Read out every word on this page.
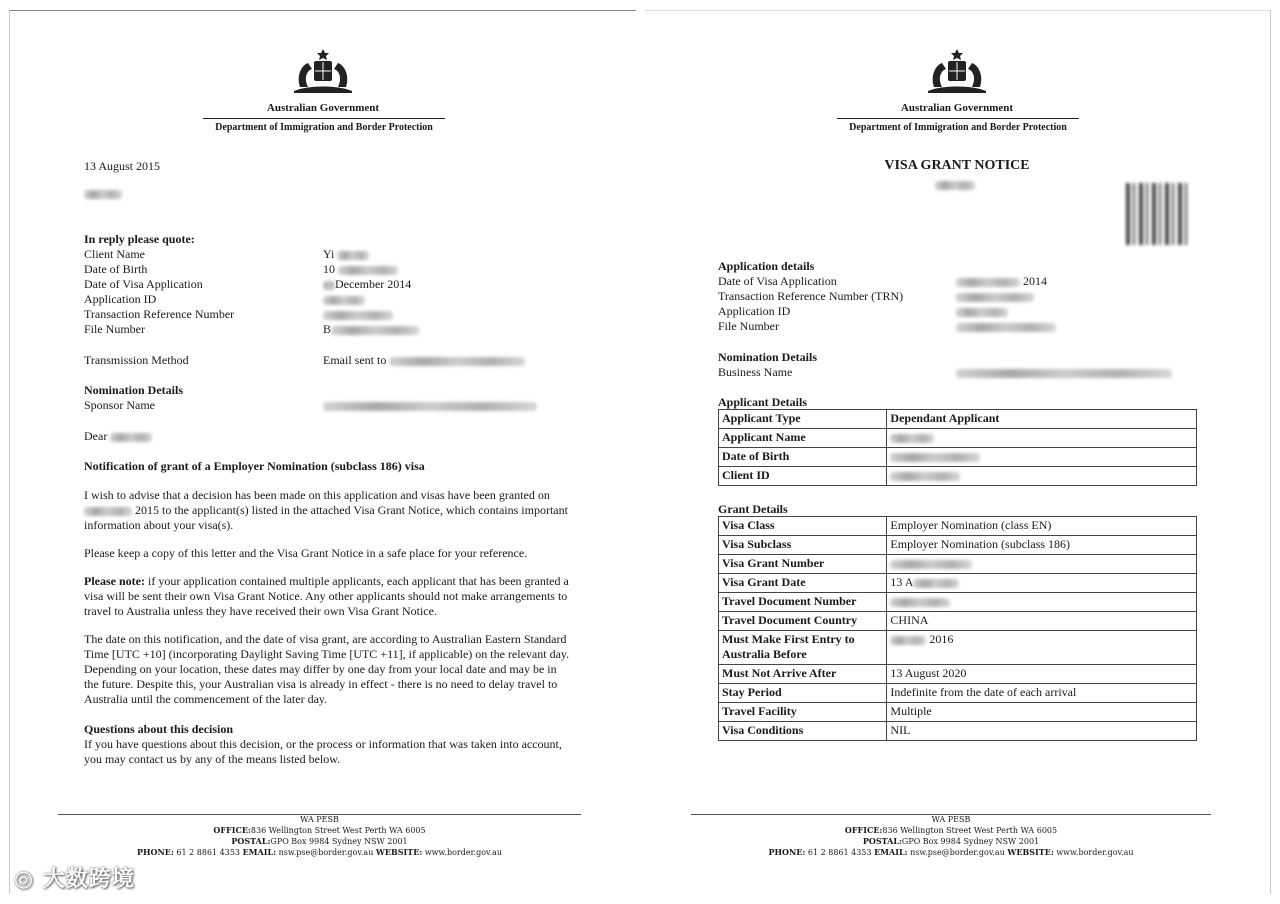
Australian Government
Department of Immigration and Border Protection
13 August 2015
In reply please quote:
Client Name	Yi
Date of Birth	10
Date of Visa Application	December 2014
Application ID
Transaction Reference Number
File Number	B
Transmission Method	Email sent to
Nomination Details
Sponsor Name
Dear
Notification of grant of a Employer Nomination (subclass 186) visa
I wish to advise that a decision has been made on this application and visas have been granted on  2015 to the applicant(s) listed in the attached Visa Grant Notice, which contains important information about your visa(s).
Please keep a copy of this letter and the Visa Grant Notice in a safe place for your reference.
Please note: if your application contained multiple applicants, each applicant that has been granted a visa will be sent their own Visa Grant Notice. Any other applicants should not make arrangements to travel to Australia unless they have received their own Visa Grant Notice.
The date on this notification, and the date of visa grant, are according to Australian Eastern Standard Time [UTC +10] (incorporating Daylight Saving Time [UTC +11], if applicable) on the relevant day. Depending on your location, these dates may differ by one day from your local date and may be in the future. Despite this, your Australian visa is already in effect - there is no need to delay travel to Australia until the commencement of the later day.
Questions about this decision
If you have questions about this decision, or the process or information that was taken into account, you may contact us by any of the means listed below.
WA PESB
OFFICE:836 Wellington Street West Perth WA 6005
POSTAL:GPO Box 9984 Sydney NSW 2001
PHONE: 61 2 8861 4353 EMAIL: nsw.pse@border.gov.au WEBSITE: www.border.gov.au
Australian Government
Department of Immigration and Border Protection
VISA GRANT NOTICE
Application details
Date of Visa Application	2014
Transaction Reference Number (TRN)
Application ID
File Number
Nomination Details
Business Name
Applicant Details
Applicant Type	Dependant Applicant
Applicant Name	
Date of Birth	
Client ID	
Grant Details
Visa Class	Employer Nomination (class EN)
Visa Subclass	Employer Nomination (subclass 186)
Visa Grant Number	
Visa Grant Date	13 A
Travel Document Number	
Travel Document Country	CHINA
Must Make First Entry to Australia Before	2016
Must Not Arrive After	13 August 2020
Stay Period	Indefinite from the date of each arrival
Travel Facility	Multiple
Visa Conditions	NIL
WA PESB
OFFICE:836 Wellington Street West Perth WA 6005
POSTAL:GPO Box 9984 Sydney NSW 2001
PHONE: 61 2 8861 4353 EMAIL: nsw.pse@border.gov.au WEBSITE: www.border.gov.au
◎ 大数跨境
